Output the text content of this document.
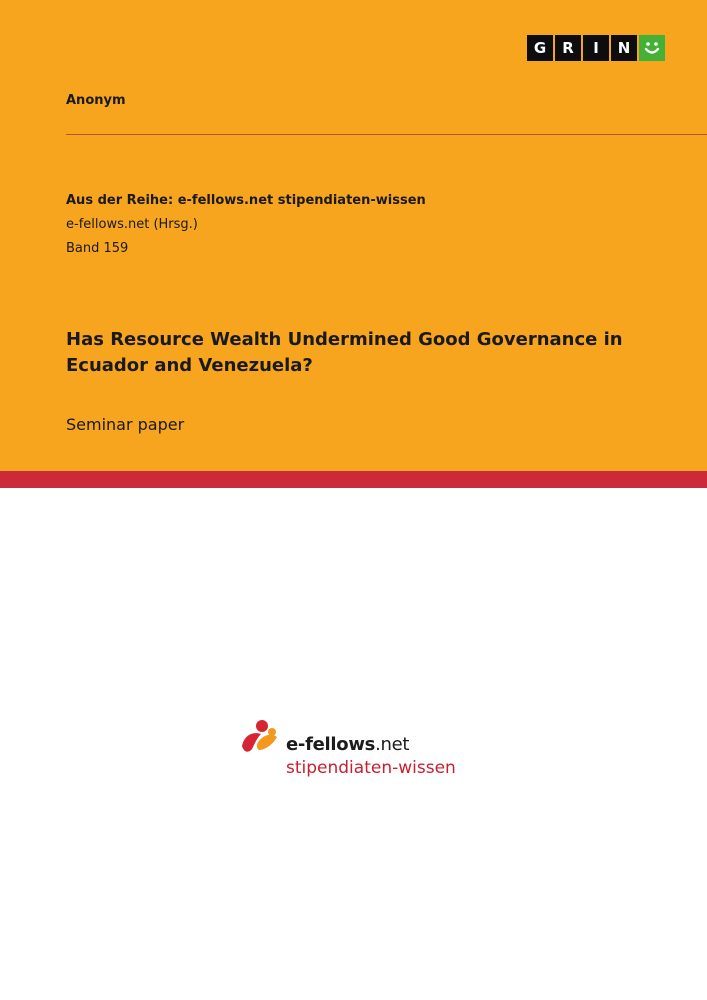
G	R	I	N
Anonym
Aus der Reihe: e-fellows.net stipendiaten-wissen
e-fellows.net (Hrsg.)
Band 159
Has Resource Wealth Undermined Good Governance in Ecuador and Venezuela?
Seminar paper
e-fellows.net
stipendiaten-wissen
